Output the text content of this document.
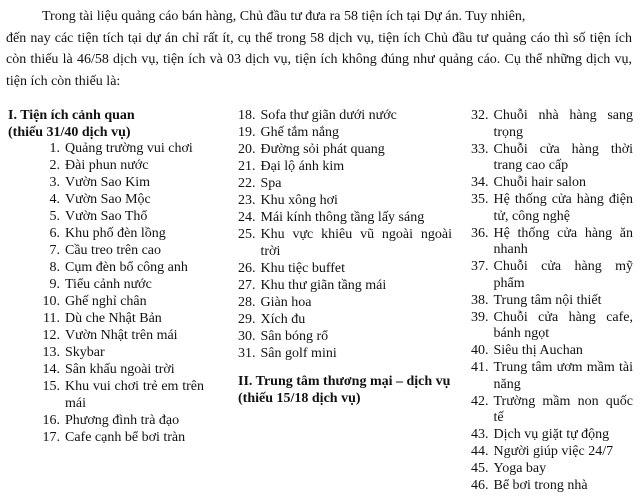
Trong tài liệu quảng cáo bán hàng, Chủ đầu tư đưa ra 58 tiện ích tại Dự án. Tuy nhiên,
đến nay các tiện tích tại dự án chỉ rất ít, cụ thể trong 58 dịch vụ, tiện ích Chủ đầu tư quảng cáo thì số tiện ích còn thiếu là 46/58 dịch vụ, tiện ích và 03 dịch vụ, tiện ích không đúng như quảng cáo. Cụ thể những dịch vụ, tiện ích còn thiếu là:
I. Tiện ích cảnh quan
(thiếu 31/40 dịch vụ)
1. Quảng trường vui chơi
2. Đài phun nước
3. Vườn Sao Kim
4. Vườn Sao Mộc
5. Vườn Sao Thổ
6. Khu phố đèn lồng
7. Cầu treo trên cao
8. Cụm đèn bổ công anh
9. Tiểu cảnh nước
10. Ghế nghỉ chân
11. Dù che Nhật Bản
12. Vườn Nhật trên mái
13. Skybar
14. Sân khấu ngoài trời
15. Khu vui chơi trẻ em trên mái
16. Phương đình trà đạo
17. Cafe cạnh bể bơi tràn
18. Sofa thư giãn dưới nước
19. Ghế tắm nắng
20. Đường sỏi phát quang
21. Đại lộ ánh kim
22. Spa
23. Khu xông hơi
24. Mái kính thông tầng lấy sáng
25. Khu vực khiêu vũ ngoài ngoài trời
26. Khu tiệc buffet
27. Khu thư giãn tầng mái
28. Giàn hoa
29. Xích đu
30. Sân bóng rổ
31. Sân golf mini
II. Trung tâm thương mại – dịch vụ (thiếu 15/18 dịch vụ)
32. Chuỗi nhà hàng sang trọng
33. Chuỗi cửa hàng thời trang cao cấp
34. Chuỗi hair salon
35. Hệ thống cửa hàng điện tử, công nghệ
36. Hệ thống cửa hàng ăn nhanh
37. Chuỗi cửa hàng mỹ phẩm
38. Trung tâm nội thiết
39. Chuỗi cửa hàng cafe, bánh ngọt
40. Siêu thị Auchan
41. Trung tâm ươm mầm tài năng
42. Trường mầm non quốc tế
43. Dịch vụ giặt tự động
44. Người giúp việc 24/7
45. Yoga bay
46. Bể bơi trong nhà
